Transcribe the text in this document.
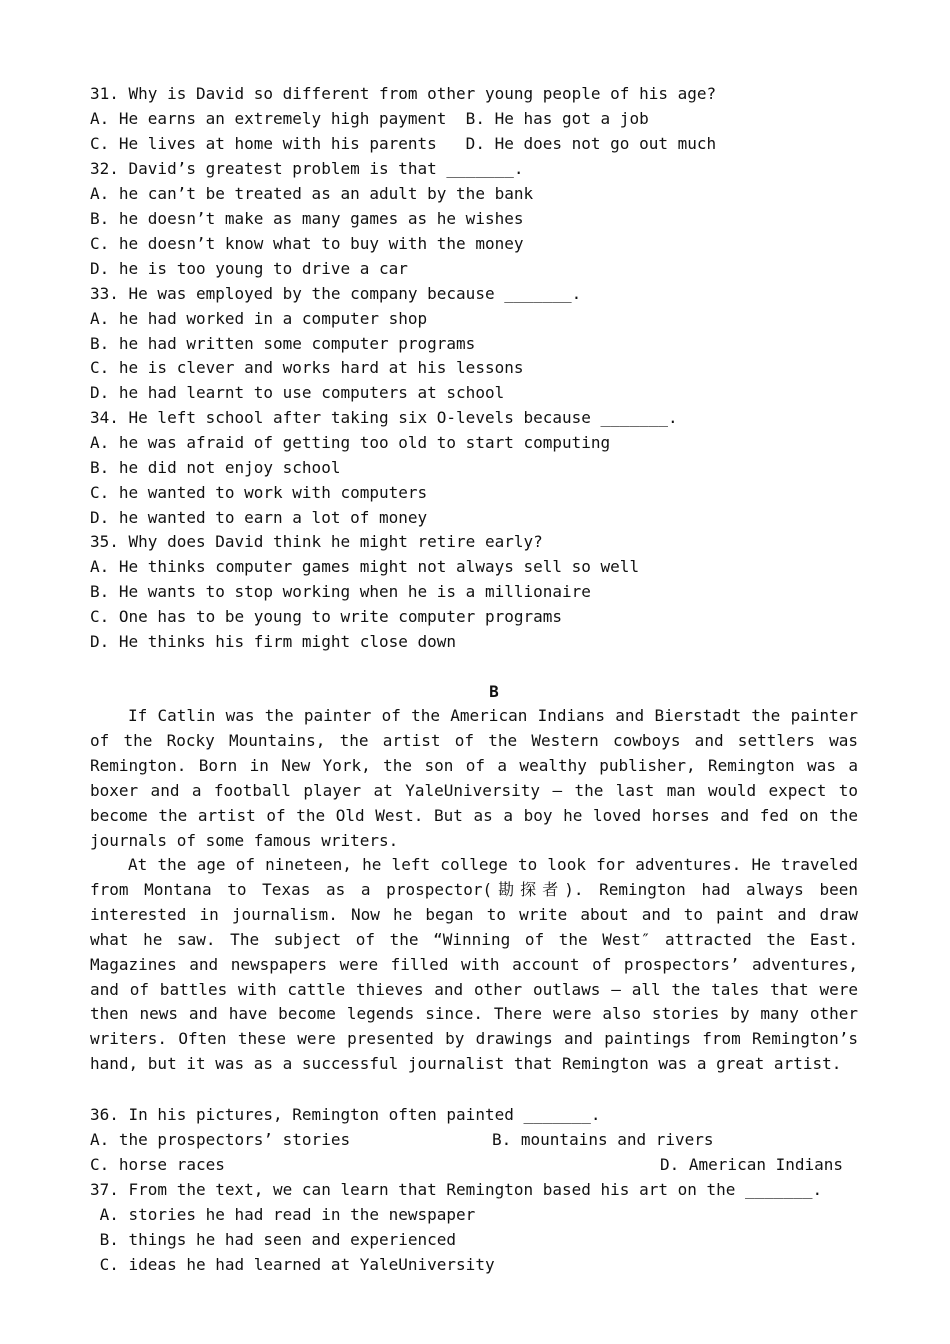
31. Why is David so different from other young people of his age?
A. He earns an extremely high payment  B. He has got a job
C. He lives at home with his parents   D. He does not go out much
32. David’s greatest problem is that _______.
A. he can’t be treated as an adult by the bank
B. he doesn’t make as many games as he wishes
C. he doesn’t know what to buy with the money
D. he is too young to drive a car
33. He was employed by the company because _______.
A. he had worked in a computer shop
B. he had written some computer programs
C. he is clever and works hard at his lessons
D. he had learnt to use computers at school
34. He left school after taking six O-levels because _______.
A. he was afraid of getting too old to start computing
B. he did not enjoy school
C. he wanted to work with computers
D. he wanted to earn a lot of money
35. Why does David think he might retire early?
A. He thinks computer games might not always sell so well
B. He wants to stop working when he is a millionaire
C. One has to be young to write computer programs
D. He thinks his firm might close down
B
If Catlin was the painter of the American Indians and Bierstadt the painter of the Rocky Mountains, the artist of the Western cowboys and settlers was Remington. Born in New York, the son of a wealthy publisher, Remington was a boxer and a football player at YaleUniversity — the last man would expect to become the artist of the Old West. But as a boy he loved horses and fed on the journals of some famous writers.
At the age of nineteen, he left college to look for adventures. He traveled from Montana to Texas as a prospector(勘探者). Remington had always been interested in journalism. Now he began to write about and to paint and draw what he saw. The subject of the “Winning of the West″ attracted the East. Magazines and newspapers were filled with account of prospectors’ adventures, and of battles with cattle thieves and other outlaws — all the tales that were then news and have become legends since. There were also stories by many other writers. Often these were presented by drawings and paintings from Remington’s hand, but it was as a successful journalist that Remington was a great artist.
36. In his pictures, Remington often painted _______.
A. the prospectors’ stories	B. mountains and rivers
C. horse races	D. American Indians
37. From the text, we can learn that Remington based his art on the _______.
A. stories he had read in the newspaper
B. things he had seen and experienced
C. ideas he had learned at YaleUniversity
